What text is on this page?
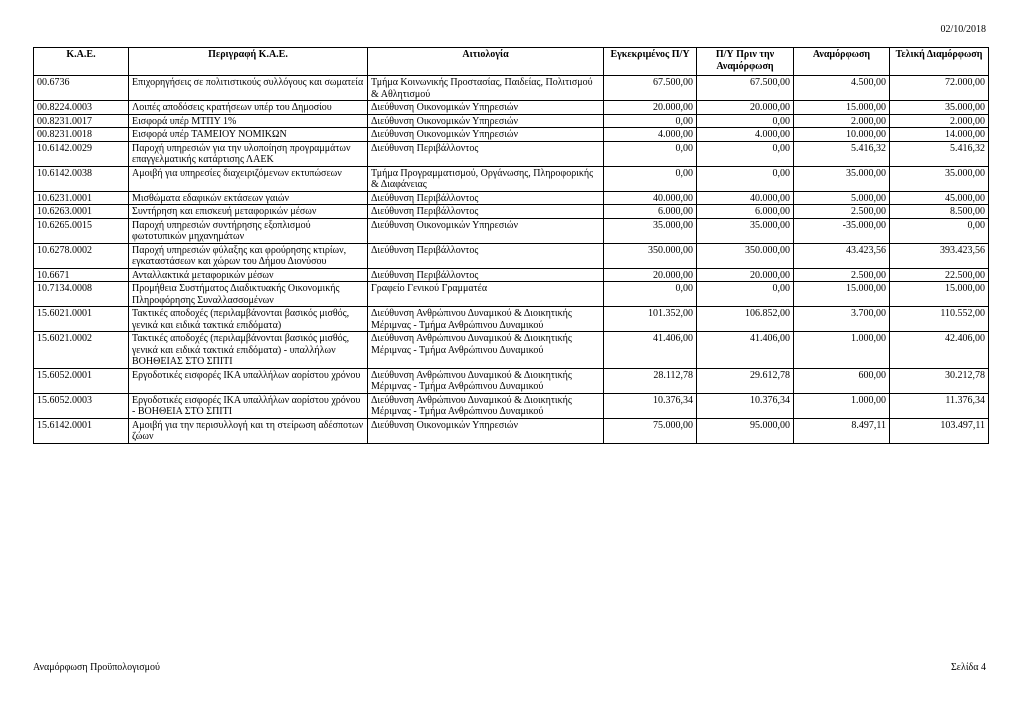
02/10/2018
Κ.Α.Ε.	Περιγραφή Κ.Α.Ε.	Αιτιολογία	Εγκεκριμένος Π/Υ	Π/Υ Πριν την Αναμόρφωση	Αναμόρφωση	Τελική Διαμόρφωση
00.6736	Επιχορηγήσεις σε πολιτιστικούς συλλόγους και σωματεία	Τμήμα Κοινωνικής Προστασίας, Παιδείας, Πολιτισμού & Αθλητισμού	67.500,00	67.500,00	4.500,00	72.000,00
00.8224.0003	Λοιπές αποδόσεις κρατήσεων υπέρ του Δημοσίου	Διεύθυνση Οικονομικών Υπηρεσιών	20.000,00	20.000,00	15.000,00	35.000,00
00.8231.0017	Εισφορά υπέρ ΜΤΠΥ 1%	Διεύθυνση Οικονομικών Υπηρεσιών	0,00	0,00	2.000,00	2.000,00
00.8231.0018	Εισφορά υπέρ ΤΑΜΕΙΟΥ ΝΟΜΙΚΩΝ	Διεύθυνση Οικονομικών Υπηρεσιών	4.000,00	4.000,00	10.000,00	14.000,00
10.6142.0029	Παροχή υπηρεσιών για την υλοποίηση προγραμμάτων επαγγελματικής κατάρτισης ΛΑΕΚ	Διεύθυνση Περιβάλλοντος	0,00	0,00	5.416,32	5.416,32
10.6142.0038	Αμοιβή για υπηρεσίες διαχειριζόμενων εκτυπώσεων	Τμήμα Προγραμματισμού, Οργάνωσης, Πληροφορικής & Διαφάνειας	0,00	0,00	35.000,00	35.000,00
10.6231.0001	Μισθώματα εδαφικών εκτάσεων γαιών	Διεύθυνση Περιβάλλοντος	40.000,00	40.000,00	5.000,00	45.000,00
10.6263.0001	Συντήρηση και επισκευή μεταφορικών μέσων	Διεύθυνση Περιβάλλοντος	6.000,00	6.000,00	2.500,00	8.500,00
10.6265.0015	Παροχή υπηρεσιών συντήρησης εξοπλισμού φωτοτυπικών μηχανημάτων	Διεύθυνση Οικονομικών Υπηρεσιών	35.000,00	35.000,00	-35.000,00	0,00
10.6278.0002	Παροχή υπηρεσιών φύλαξης και φρούρησης κτιρίων, εγκαταστάσεων και χώρων του Δήμου Διονύσου	Διεύθυνση Περιβάλλοντος	350.000,00	350.000,00	43.423,56	393.423,56
10.6671	Ανταλλακτικά μεταφορικών μέσων	Διεύθυνση Περιβάλλοντος	20.000,00	20.000,00	2.500,00	22.500,00
10.7134.0008	Προμήθεια Συστήματος Διαδικτυακής Οικονομικής Πληροφόρησης Συναλλασσομένων	Γραφείο Γενικού Γραμματέα	0,00	0,00	15.000,00	15.000,00
15.6021.0001	Τακτικές αποδοχές (περιλαμβάνονται βασικός μισθός, γενικά και ειδικά τακτικά επιδόματα)	Διεύθυνση Ανθρώπινου Δυναμικού & Διοικητικής Μέριμνας - Τμήμα Ανθρώπινου Δυναμικού	101.352,00	106.852,00	3.700,00	110.552,00
15.6021.0002	Τακτικές αποδοχές (περιλαμβάνονται βασικός μισθός, γενικά και ειδικά τακτικά επιδόματα) - υπαλλήλων ΒΟΗΘΕΙΑΣ ΣΤΟ ΣΠΙΤΙ	Διεύθυνση Ανθρώπινου Δυναμικού & Διοικητικής Μέριμνας - Τμήμα Ανθρώπινου Δυναμικού	41.406,00	41.406,00	1.000,00	42.406,00
15.6052.0001	Εργοδοτικές εισφορές ΙΚΑ υπαλλήλων αορίστου χρόνου	Διεύθυνση Ανθρώπινου Δυναμικού & Διοικητικής Μέριμνας - Τμήμα Ανθρώπινου Δυναμικού	28.112,78	29.612,78	600,00	30.212,78
15.6052.0003	Εργοδοτικές εισφορές ΙΚΑ υπαλλήλων αορίστου χρόνου - ΒΟΗΘΕΙΑ ΣΤΟ ΣΠΙΤΙ	Διεύθυνση Ανθρώπινου Δυναμικού & Διοικητικής Μέριμνας - Τμήμα Ανθρώπινου Δυναμικού	10.376,34	10.376,34	1.000,00	11.376,34
15.6142.0001	Αμοιβή για την περισυλλογή και τη στείρωση αδέσποτων ζώων	Διεύθυνση Οικονομικών Υπηρεσιών	75.000,00	95.000,00	8.497,11	103.497,11
Αναμόρφωση Προϋπολογισμού	Σελίδα 4
